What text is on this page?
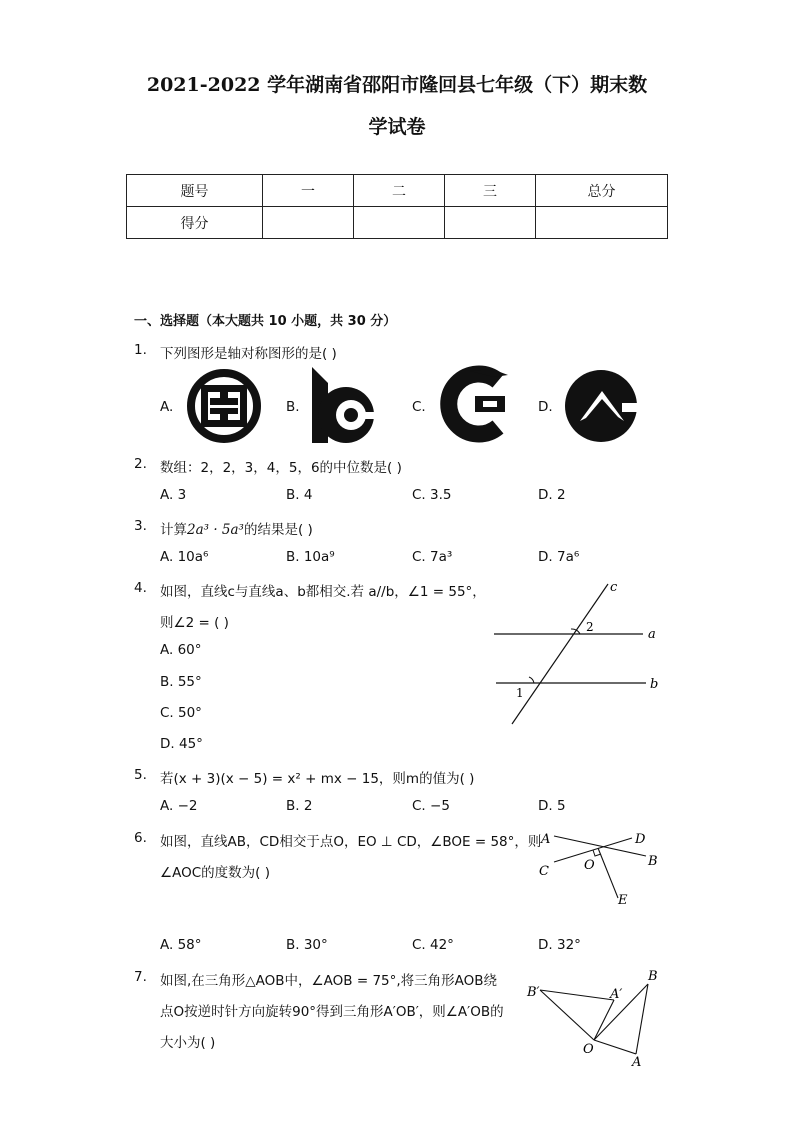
2021-2022 学年湖南省邵阳市隆回县七年级（下）期末数
学试卷
题号	一	二	三	总分
得分				
一、选择题（本大题共 10 小题，共 30 分）
1. 下列图形是轴对称图形的是( )
A.	B.	C.	D.
2. 数组：2，2，3，4，5，6的中位数是( )
A. 3	B. 4	C. 3.5	D. 2
3. 计算2a³ · 5a³的结果是( )
A. 10a⁶	B. 10a⁹	C. 7a³	D. 7a⁶
4. 如图，直线c与直线a、b都相交.若 a//b，∠1 = 55°，
则∠2 = ( )
A. 60°
B. 55°
C. 50°
D. 45°
c
a
b
1
2
5. 若(x + 3)(x − 5) = x² + mx − 15，则m的值为( )
A. −2	B. 2	C. −5	D. 5
6. 如图，直线AB，CD相交于点O，EO ⊥ CD，∠BOE = 58°，则
∠AOC的度数为( )
A. 58°	B. 30°	C. 42°	D. 32°
A	D
B
C	O
E
7. 如图,在三角形△AOB中，∠AOB = 75°,将三角形AOB绕
点O按逆时针方向旋转90°得到三角形A′OB′，则∠A′OB的
大小为( )
B′	A′
B
O
A
